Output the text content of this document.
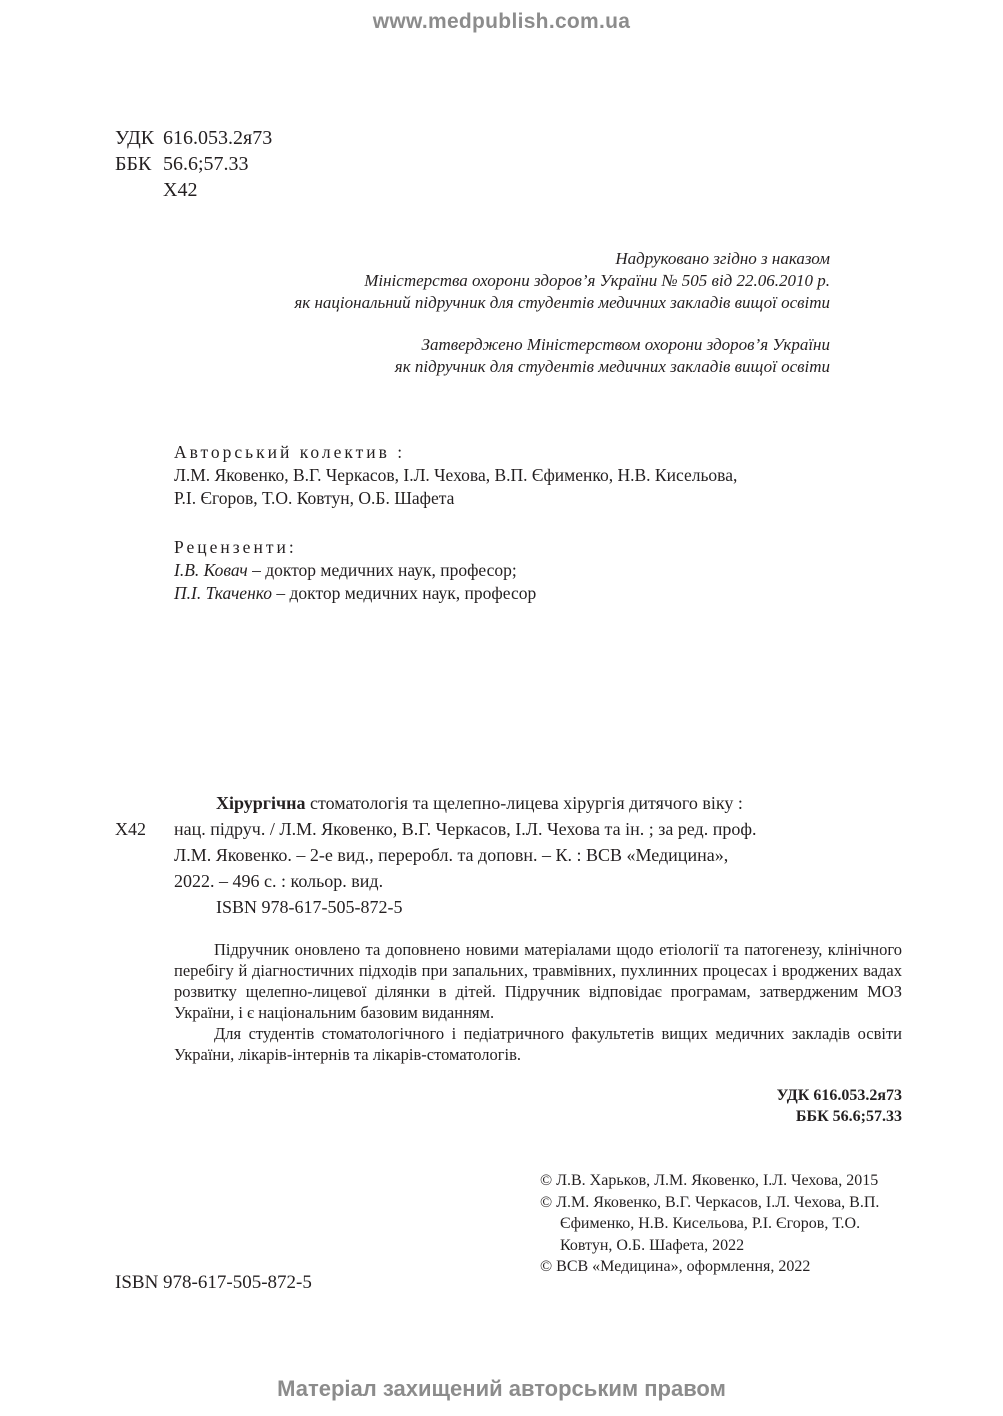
www.medpublish.com.ua
УДК 616.053.2я73
ББК 56.6;57.33
Х42
Надруковано згідно з наказом
Міністерства охорони здоров’я України № 505 від 22.06.2010 р.
як національний підручник для студентів медичних закладів вищої освіти
Затверджено Міністерством охорони здоров’я України
як підручник для студентів медичних закладів вищої освіти
Авторський колектив :
Л.М. Яковенко, В.Г. Черкасов, І.Л. Чехова, В.П. Єфименко, Н.В. Кисельова,
Р.І. Єгоров, Т.О. Ковтун, О.Б. Шафета
Рецензенти:
І.В. Ковач – доктор медичних наук, професор;
П.І. Ткаченко – доктор медичних наук, професор
Х42
Хірургічна стоматологія та щелепно-лицева хірургія дитячого віку :
нац. підруч. / Л.М. Яковенко, В.Г. Черкасов, І.Л. Чехова та ін. ; за ред. проф.
Л.М. Яковенко. – 2-е вид., переробл. та доповн. – К. : ВСВ «Медицина»,
2022. – 496 с. : кольор. вид.
ISBN 978-617-505-872-5

Підручник оновлено та доповнено новими матеріалами щодо етіології та патогенезу, клінічного перебігу й діагностичних підходів при запальних, травмівних, пухлинних процесах і вроджених вадах розвитку щелепно-лицевої ділянки в дітей. Підручник відповідає програмам, затвердженим МОЗ України, і є національним базовим виданням.

Для студентів стоматологічного і педіатричного факультетів вищих медичних закладів освіти України, лікарів-інтернів та лікарів-стоматологів.

УДК 616.053.2я73
ББК 56.6;57.33
ISBN 978-617-505-872-5
© Л.В. Харьков, Л.М. Яковенко, І.Л. Чехова, 2015
© Л.М. Яковенко, В.Г. Черкасов, І.Л. Чехова, В.П. Єфименко, Н.В. Кисельова, Р.І. Єгоров, Т.О. Ковтун, О.Б. Шафета, 2022
© ВСВ «Медицина», оформлення, 2022
Матеріал захищений авторським правом
